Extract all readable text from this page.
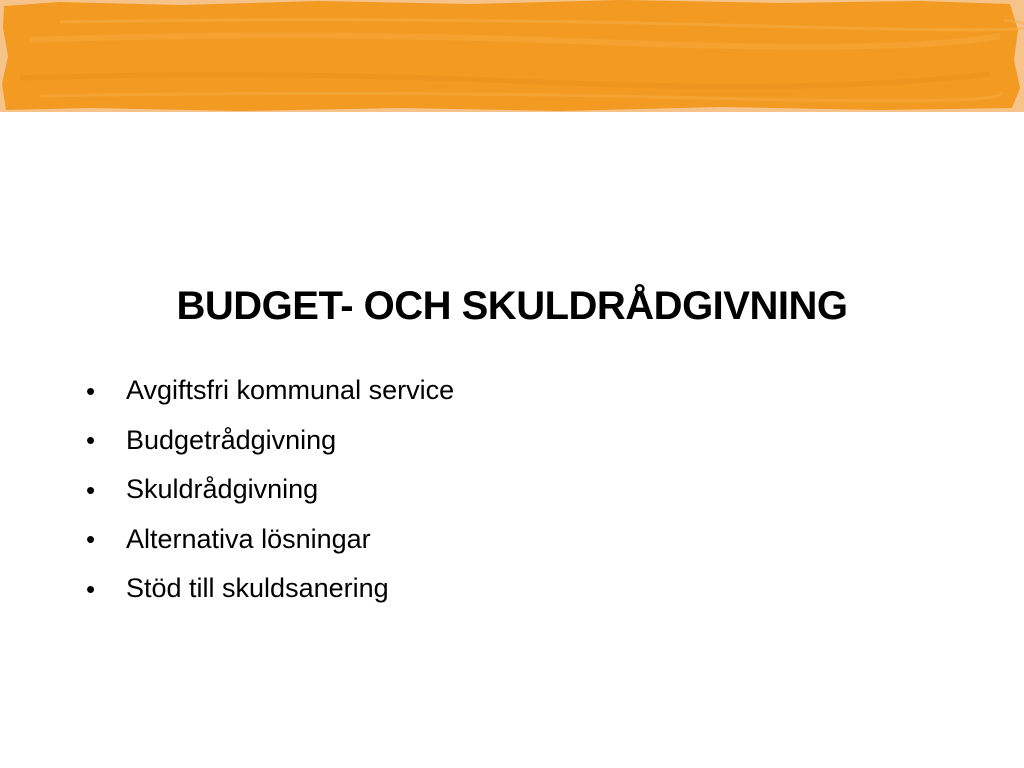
BUDGET- OCH SKULDRÅDGIVNING
•	Avgiftsfri kommunal service
•	Budgetrådgivning
•	Skuldrådgivning
•	Alternativa lösningar
•	Stöd till skuldsanering
